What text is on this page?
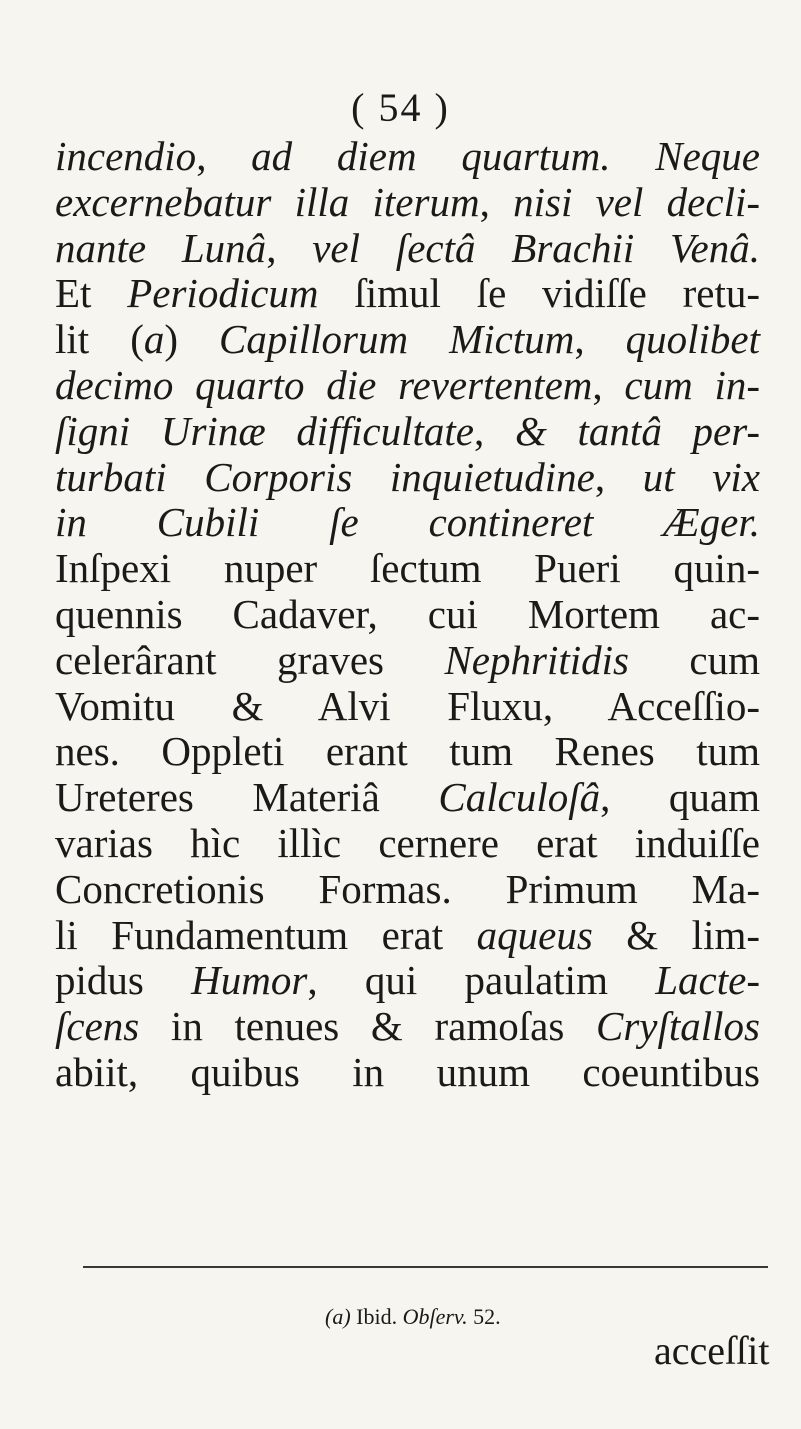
( 54 )
incendio, ad diem quartum. Neque
excernebatur illa iterum, nisi vel decli-
nante Lunâ, vel ſectâ Brachii Venâ.
Et Periodicum ſimul ſe vidiſſe retu-
lit (a) Capillorum Mictum, quolibet
decimo quarto die revertentem, cum in-
ſigni Urinæ difficultate, & tantâ per-
turbati Corporis inquietudine, ut vix
in Cubili ſe contineret Æger.
Inſpexi nuper ſectum Pueri quin-
quennis Cadaver, cui Mortem ac-
celerârant graves Nephritidis cum
Vomitu & Alvi Fluxu, Acceſſio-
nes. Oppleti erant tum Renes tum
Ureteres Materiâ Calculoſâ, quam
varias hìc illìc cernere erat induiſſe
Concretionis Formas. Primum Ma-
li Fundamentum erat aqueus & lim-
pidus Humor, qui paulatim Lacte-
ſcens in tenues & ramoſas Cryſtallos
abiit, quibus in unum coeuntibus
(a) Ibid. Obſerv. 52.
acceſſit
